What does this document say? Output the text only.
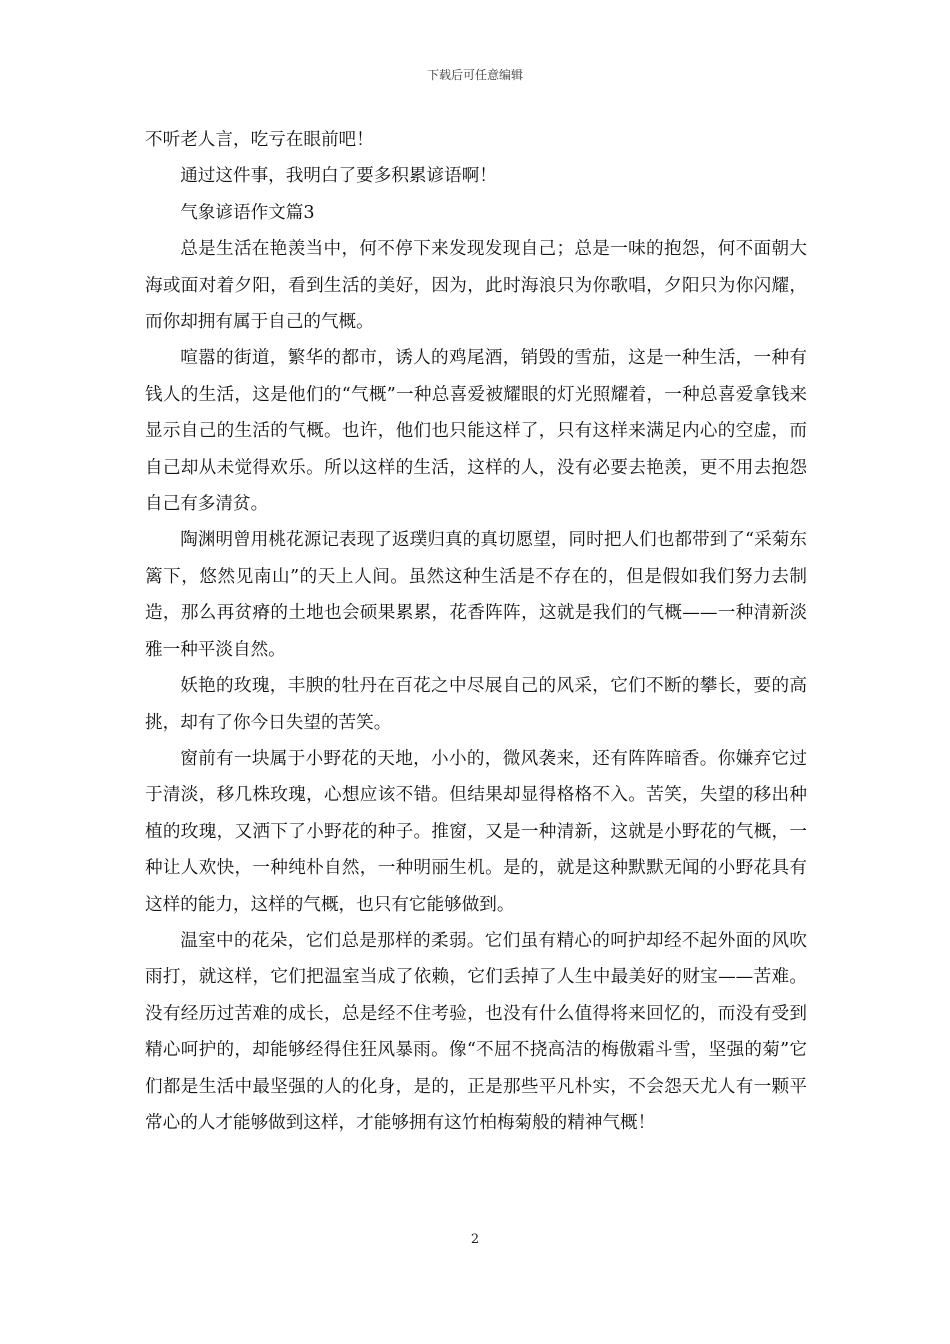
下载后可任意编辑

不听老人言，吃亏在眼前吧！

通过这件事，我明白了要多积累谚语啊！

气象谚语作文篇3

总是生活在艳羡当中，何不停下来发现发现自己；总是一味的抱怨，何不面朝大海或面对着夕阳，看到生活的美好，因为，此时海浪只为你歌唱，夕阳只为你闪耀，而你却拥有属于自己的气概。

喧嚣的街道，繁华的都市，诱人的鸡尾酒，销毁的雪茄，这是一种生活，一种有钱人的生活，这是他们的“气概”一种总喜爱被耀眼的灯光照耀着，一种总喜爱拿钱来显示自己的生活的气概。也许，他们也只能这样了，只有这样来满足内心的空虚，而自己却从未觉得欢乐。所以这样的生活，这样的人，没有必要去艳羡，更不用去抱怨自己有多清贫。

陶渊明曾用桃花源记表现了返璞归真的真切愿望，同时把人们也都带到了“采菊东篱下，悠然见南山”的天上人间。虽然这种生活是不存在的，但是假如我们努力去制造，那么再贫瘠的土地也会硕果累累，花香阵阵，这就是我们的气概——一种清新淡雅一种平淡自然。

妖艳的玫瑰，丰腴的牡丹在百花之中尽展自己的风采，它们不断的攀长，要的高挑，却有了你今日失望的苦笑。

窗前有一块属于小野花的天地，小小的，微风袭来，还有阵阵暗香。你嫌弃它过于清淡，移几株玫瑰，心想应该不错。但结果却显得格格不入。苦笑，失望的移出种植的玫瑰，又洒下了小野花的种子。推窗，又是一种清新，这就是小野花的气概，一种让人欢快，一种纯朴自然，一种明丽生机。是的，就是这种默默无闻的小野花具有这样的能力，这样的气概，也只有它能够做到。

温室中的花朵，它们总是那样的柔弱。它们虽有精心的呵护却经不起外面的风吹雨打，就这样，它们把温室当成了依赖，它们丢掉了人生中最美好的财宝——苦难。没有经历过苦难的成长，总是经不住考验，也没有什么值得将来回忆的，而没有受到精心呵护的，却能够经得住狂风暴雨。像“不屈不挠高洁的梅傲霜斗雪，坚强的菊”它们都是生活中最坚强的人的化身，是的，正是那些平凡朴实，不会怨天尤人有一颗平常心的人才能够做到这样，才能够拥有这竹柏梅菊般的精神气概！

2
